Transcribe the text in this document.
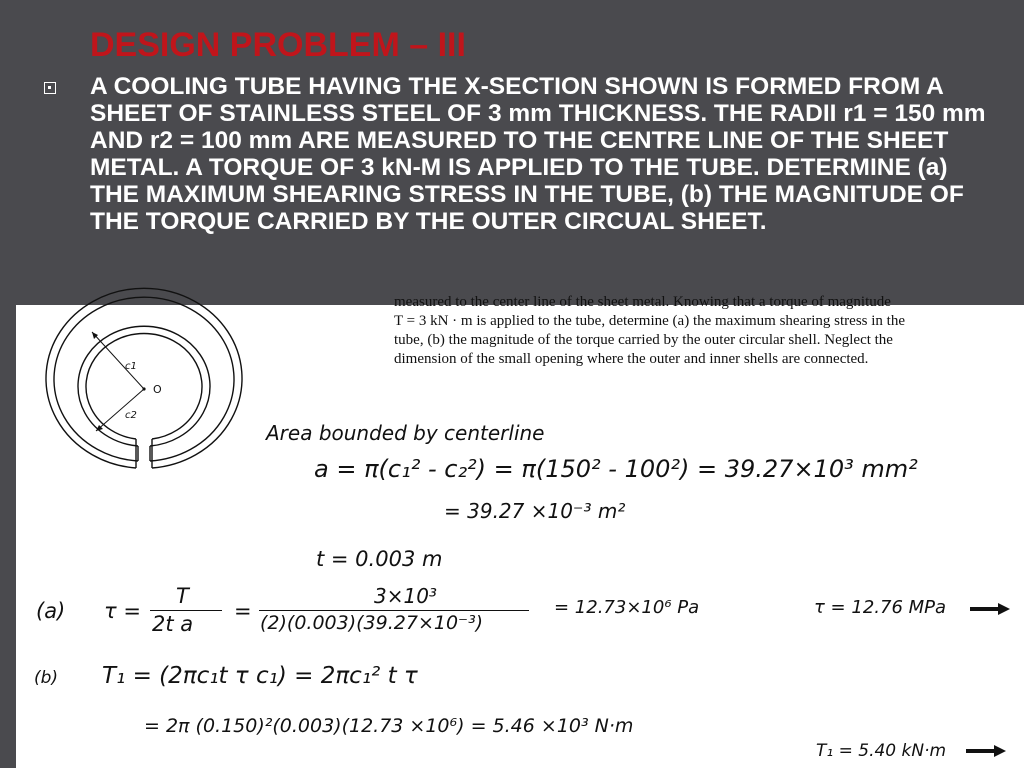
DESIGN PROBLEM – III

A COOLING TUBE HAVING THE X-SECTION SHOWN IS FORMED FROM A SHEET OF STAINLESS STEEL OF 3 mm THICKNESS. THE RADII r1 = 150 mm AND r2 = 100 mm ARE MEASURED TO THE CENTRE LINE OF THE SHEET METAL. A TORQUE OF 3 kN-M IS APPLIED TO THE TUBE. DETERMINE (a) THE MAXIMUM SHEARING STRESS IN THE TUBE, (b) THE MAGNITUDE OF THE TORQUE CARRIED BY THE OUTER CIRCUAL SHEET.

measured to the center line of the sheet metal. Knowing that a torque of magnitude
T = 3 kN · m is applied to the tube, determine (a) the maximum shearing stress in the
tube, (b) the magnitude of the torque carried by the outer circular shell. Neglect the
dimension of the small opening where the outer and inner shells are connected.
c1
O
c2
Area bounded by centerline
a = π(c₁² - c₂²) = π(150² - 100²) = 39.27×10³ mm²
= 39.27 ×10⁻³ m²
t = 0.003 m
(a) τ =
T
2t a
=
3×10³
(2)(0.003)(39.27×10⁻³)
= 12.73×10⁶ Pa	τ = 12.76 MPa
(b) T₁ = (2πc₁t τ c₁) = 2πc₁² t τ
= 2π (0.150)²(0.003)(12.73 ×10⁶) = 5.46 ×10³ N·m
T₁ = 5.40 kN·m
